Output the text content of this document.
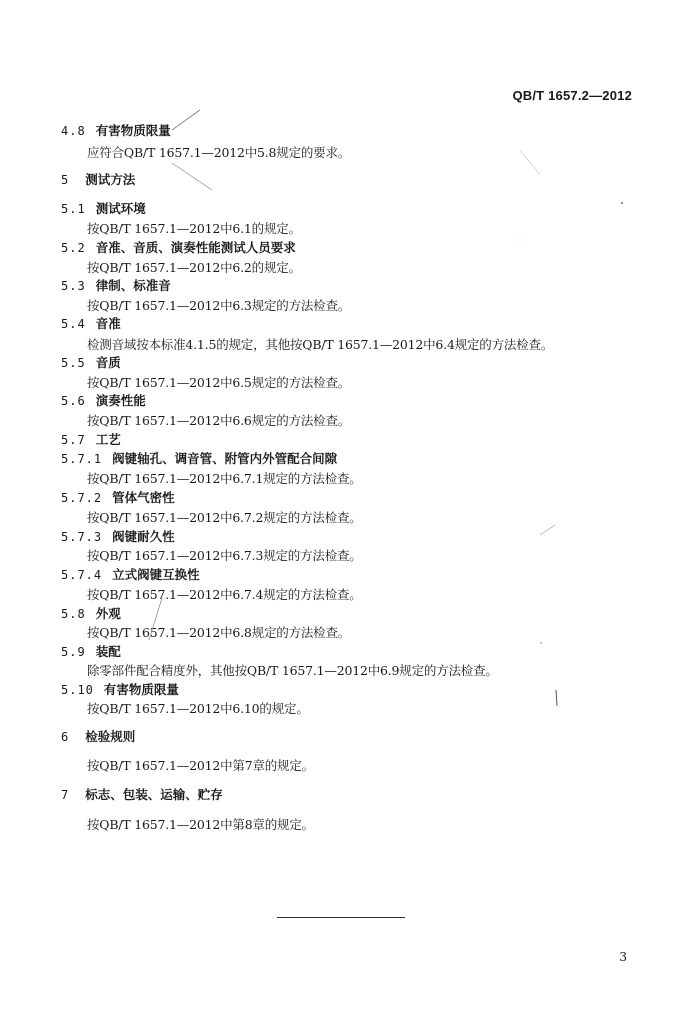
QB/T 1657.2—2012
4.8 有害物质限量
应符合QB/T 1657.1—2012中5.8规定的要求。
5 测试方法
5.1 测试环境
按QB/T 1657.1—2012中6.1的规定。
5.2 音准、音质、演奏性能测试人员要求
按QB/T 1657.1—2012中6.2的规定。
5.3 律制、标准音
按QB/T 1657.1—2012中6.3规定的方法检查。
5.4 音准
检测音域按本标准4.1.5的规定，其他按QB/T 1657.1—2012中6.4规定的方法检查。
5.5 音质
按QB/T 1657.1—2012中6.5规定的方法检查。
5.6 演奏性能
按QB/T 1657.1—2012中6.6规定的方法检查。
5.7 工艺
5.7.1 阀键轴孔、调音管、附管内外管配合间隙
按QB/T 1657.1—2012中6.7.1规定的方法检查。
5.7.2 管体气密性
按QB/T 1657.1—2012中6.7.2规定的方法检查。
5.7.3 阀键耐久性
按QB/T 1657.1—2012中6.7.3规定的方法检查。
5.7.4 立式阀键互换性
按QB/T 1657.1—2012中6.7.4规定的方法检查。
5.8 外观
按QB/T 1657.1—2012中6.8规定的方法检查。
5.9 装配
除零部件配合精度外，其他按QB/T 1657.1—2012中6.9规定的方法检查。
5.10 有害物质限量
按QB/T 1657.1—2012中6.10的规定。
6 检验规则
按QB/T 1657.1—2012中第7章的规定。
7 标志、包装、运输、贮存
按QB/T 1657.1—2012中第8章的规定。
3
